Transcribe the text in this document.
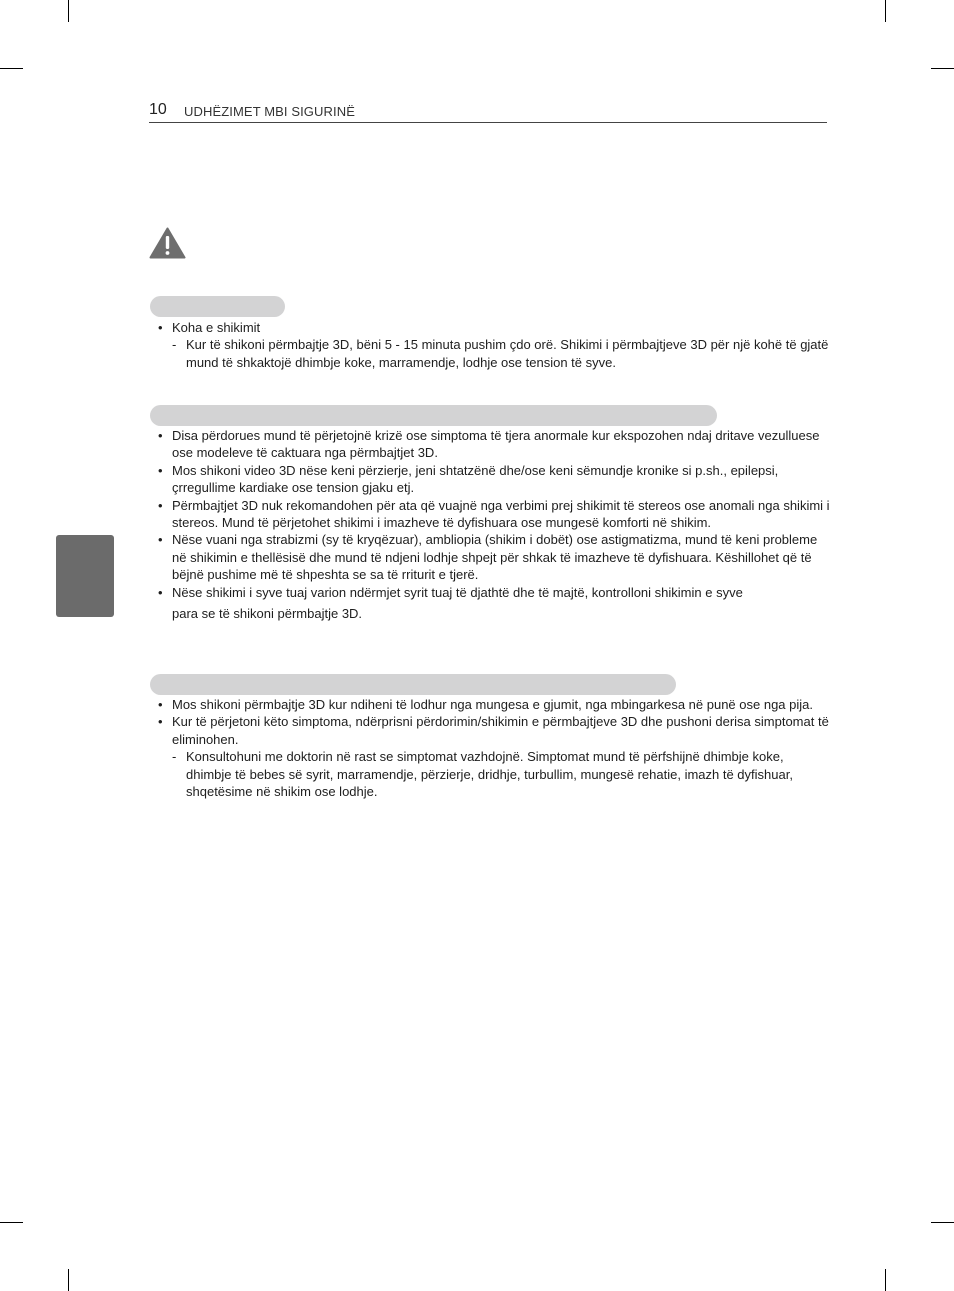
10 UDHËZIMET MBI SIGURINË
• Koha e shikimit
- Kur të shikoni përmbajtje 3D, bëni 5 - 15 minuta pushim çdo orë. Shikimi i përmbajtjeve 3D për një kohë të gjatë mund të shkaktojë dhimbje koke, marramendje, lodhje ose tension të syve.
• Disa përdorues mund të përjetojnë krizë ose simptoma të tjera anormale kur ekspozohen ndaj dritave vezulluese ose modeleve të caktuara nga përmbajtjet 3D.
• Mos shikoni video 3D nëse keni përzierje, jeni shtatzënë dhe/ose keni sëmundje kronike si p.sh., epilepsi, çrregullime kardiake ose tension gjaku etj.
• Përmbajtjet 3D nuk rekomandohen për ata që vuajnë nga verbimi prej shikimit të stereos ose anomali nga shikimi i stereos. Mund të përjetohet shikimi i imazheve të dyfishuara ose mungesë komforti në shikim.
• Nëse vuani nga strabizmi (sy të kryqëzuar), ambliopia (shikim i dobët) ose astigmatizma, mund të keni probleme në shikimin e thellësisë dhe mund të ndjeni lodhje shpejt për shkak të imazheve të dyfishuara. Këshillohet që të bëjnë pushime më të shpeshta se sa të rriturit e tjerë.
• Nëse shikimi i syve tuaj varion ndërmjet syrit tuaj të djathtë dhe të majtë, kontrolloni shikimin e syve
para se të shikoni përmbajtje 3D.
• Mos shikoni përmbajtje 3D kur ndiheni të lodhur nga mungesa e gjumit, nga mbingarkesa në punë ose nga pija.
• Kur të përjetoni këto simptoma, ndërprisni përdorimin/shikimin e përmbajtjeve 3D dhe pushoni derisa simptomat të eliminohen.
- Konsultohuni me doktorin në rast se simptomat vazhdojnë. Simptomat mund të përfshijnë dhimbje koke, dhimbje të bebes së syrit, marramendje, përzierje, dridhje, turbullim, mungesë rehatie, imazh të dyfishuar, shqetësime në shikim ose lodhje.
